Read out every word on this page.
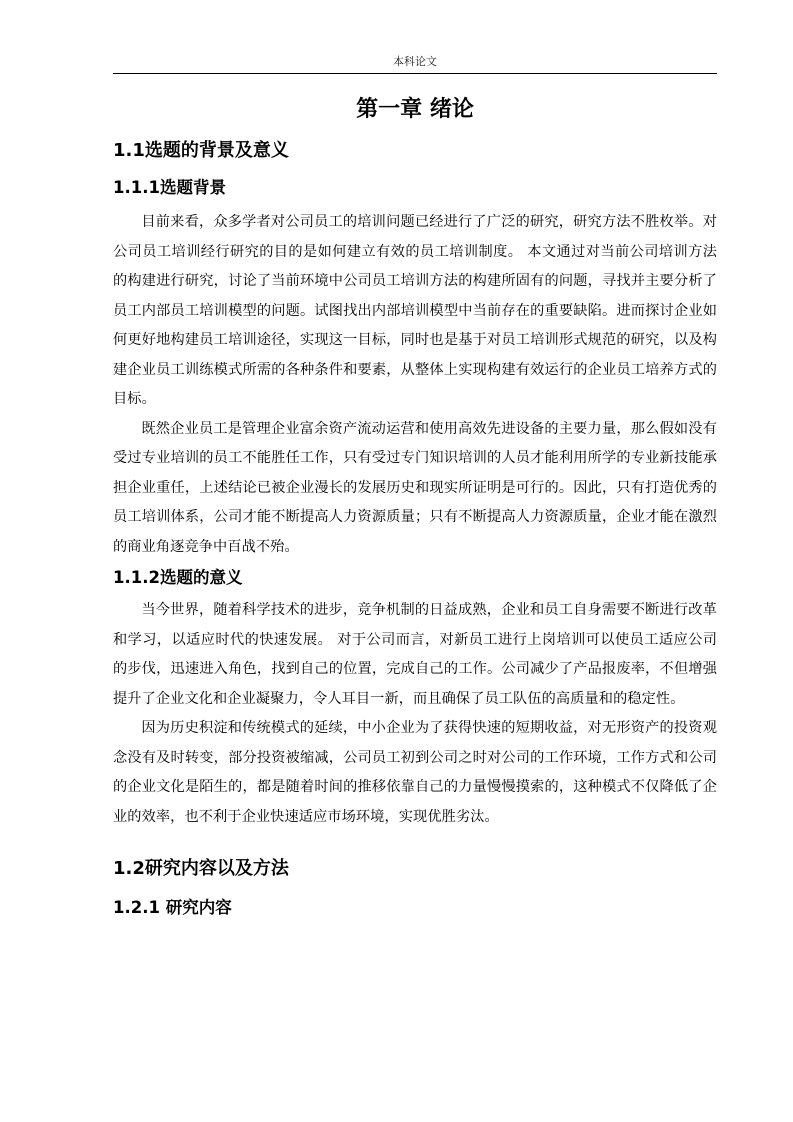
本科论文
第一章 绪论
1.1选题的背景及意义
1.1.1选题背景

目前来看，众多学者对公司员工的培训问题已经进行了广泛的研究，研究方法不胜枚举。对公司员工培训经行研究的目的是如何建立有效的员工培训制度。 本文通过对当前公司培训方法的构建进行研究，讨论了当前环境中公司员工培训方法的构建所固有的问题，寻找并主要分析了员工内部员工培训模型的问题。试图找出内部培训模型中当前存在的重要缺陷。进而探讨企业如何更好地构建员工培训途径，实现这一目标，同时也是基于对员工培训形式规范的研究，以及构建企业员工训练模式所需的各种条件和要素，从整体上实现构建有效运行的企业员工培养方式的目标。

既然企业员工是管理企业富余资产流动运营和使用高效先进设备的主要力量，那么假如没有受过专业培训的员工不能胜任工作，只有受过专门知识培训的人员才能利用所学的专业新技能承担企业重任，上述结论已被企业漫长的发展历史和现实所证明是可行的。因此，只有打造优秀的员工培训体系，公司才能不断提高人力资源质量；只有不断提高人力资源质量，企业才能在激烈的商业角逐竞争中百战不殆。

1.1.2选题的意义

当今世界，随着科学技术的进步，竞争机制的日益成熟，企业和员工自身需要不断进行改革和学习，以适应时代的快速发展。 对于公司而言，对新员工进行上岗培训可以使员工适应公司的步伐，迅速进入角色，找到自己的位置，完成自己的工作。公司减少了产品报废率，不但增强提升了企业文化和企业凝聚力，令人耳目一新，而且确保了员工队伍的高质量和的稳定性。

因为历史积淀和传统模式的延续，中小企业为了获得快速的短期收益，对无形资产的投资观念没有及时转变，部分投资被缩减，公司员工初到公司之时对公司的工作环境，工作方式和公司的企业文化是陌生的，都是随着时间的推移依靠自己的力量慢慢摸索的，这种模式不仅降低了企业的效率，也不利于企业快速适应市场环境，实现优胜劣汰。

1.2研究内容以及方法
1.2.1 研究内容
